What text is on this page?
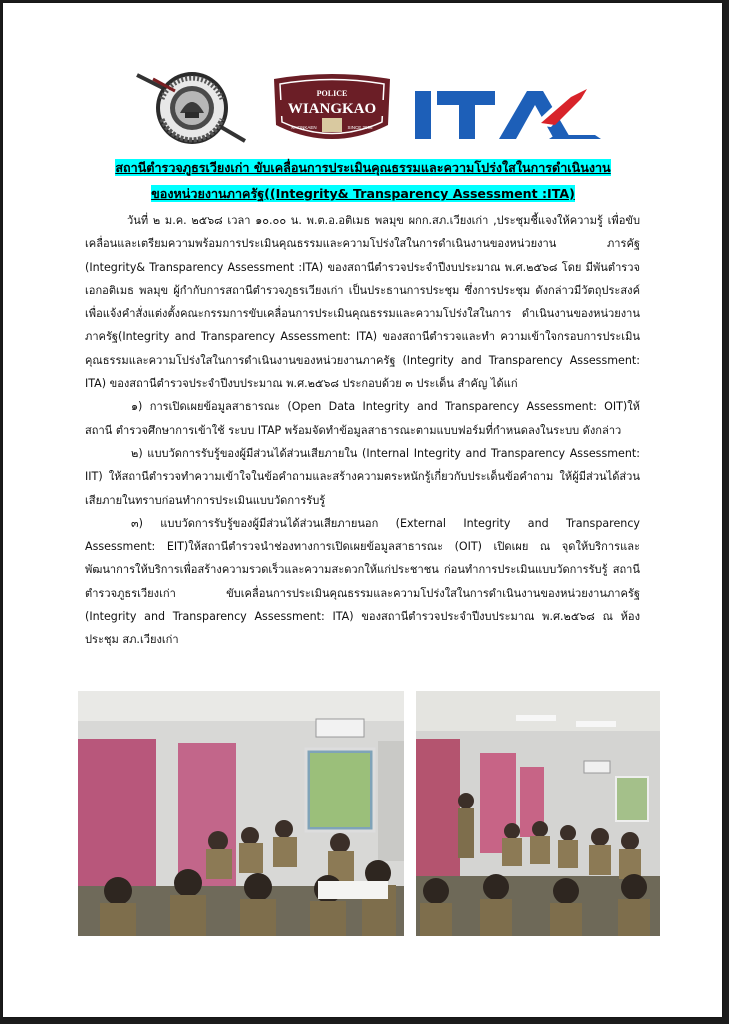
POLICE
WIANGKAO
KHONKAEN	SINCE 2006
สถานีตำรวจภูธรเวียงเก่า ขับเคลื่อนการประเมินคุณธรรมและความโปร่งใสในการดำเนินงาน
ของหน่วยงานภาครัฐ((Integrity& Transparency Assessment :ITA)

วันที่ ๒ ม.ค. ๒๕๖๘ เวลา ๑๐.๐๐ น. พ.ต.อ.อติเมธ พลมุข ผกก.สภ.เวียงเก่า ,ประชุมชี้แจงให้ความรู้ เพื่อขับเคลื่อนและเตรียมความพร้อมการประเมินคุณธรรมและความโปร่งใสในการดำเนินงานของหน่วยงาน ภารคัฐ (Integrity& Transparency Assessment :ITA) ของสถานีตำรวจประจำปีงบประมาณ พ.ศ.๒๕๖๘ โดย มีพันตำรวจเอกอติเมธ พลมุข ผู้กำกับการสถานีตำรวจภูธรเวียงเก่า เป็นประธานการประชุม ซึ่งการประชุม ดังกล่าวมีวัตถุประสงค์เพื่อแจ้งคำสั่งแต่งตั้งคณะกรรมการขับเคลื่อนการประเมินคุณธรรมและความโปร่งใสในการ ดำเนินงานของหน่วยงานภาครัฐ(Integrity and Transparency Assessment: ITA) ของสถานีตำรวจและทำ ความเข้าใจกรอบการประเมินคุณธรรมและความโปร่งใสในการดำเนินงานของหน่วยงานภาครัฐ (Integrity and Transparency Assessment: ITA) ของสถานีตำรวจประจำปีงบประมาณ พ.ศ.๒๕๖๘ ประกอบด้วย ๓ ประเด็น สำคัญ ได้แก่

๑) การเปิดเผยข้อมูลสาธารณะ (Open Data Integrity and Transparency Assessment: OIT)ให้ สถานี ตำรวจศึกษาการเข้าใช้ ระบบ ITAP พร้อมจัดทำข้อมูลสาธารณะตามแบบฟอร์มที่กำหนดลงในระบบ ดังกล่าว

๒) แบบวัดการรับรู้ของผู้มีส่วนได้ส่วนเสียภายใน (Internal Integrity and Transparency Assessment: IIT) ให้สถานีตำรวจทำความเข้าใจในข้อคำถามและสร้างความตระหนักรู้เกี่ยวกับประเด็นข้อคำถาม ให้ผู้มีส่วนได้ส่วนเสียภายในทราบก่อนทำการประเมินแบบวัดการรับรู้

๓) แบบวัดการรับรู้ของผู้มีส่วนได้ส่วนเสียภายนอก (External Integrity and Transparency Assessment: EIT)ให้สถานีตำรวจนำช่องทางการเปิดเผยข้อมูลสาธารณะ (OIT) เปิดเผย ณ จุดให้บริการและ พัฒนาการให้บริการเพื่อสร้างความรวดเร็วและความสะดวกให้แก่ประชาชน ก่อนทำการประเมินแบบวัดการรับรู้ สถานีตำรวจภูธรเวียงเก่า ขับเคลื่อนการประเมินคุณธรรมและความโปร่งใสในการดำเนินงานของหน่วยงานภาครัฐ (Integrity and Transparency Assessment: ITA) ของสถานีตำรวจประจำปีงบประมาณ พ.ศ.๒๕๖๘ ณ ห้องประชุม สภ.เวียงเก่า
